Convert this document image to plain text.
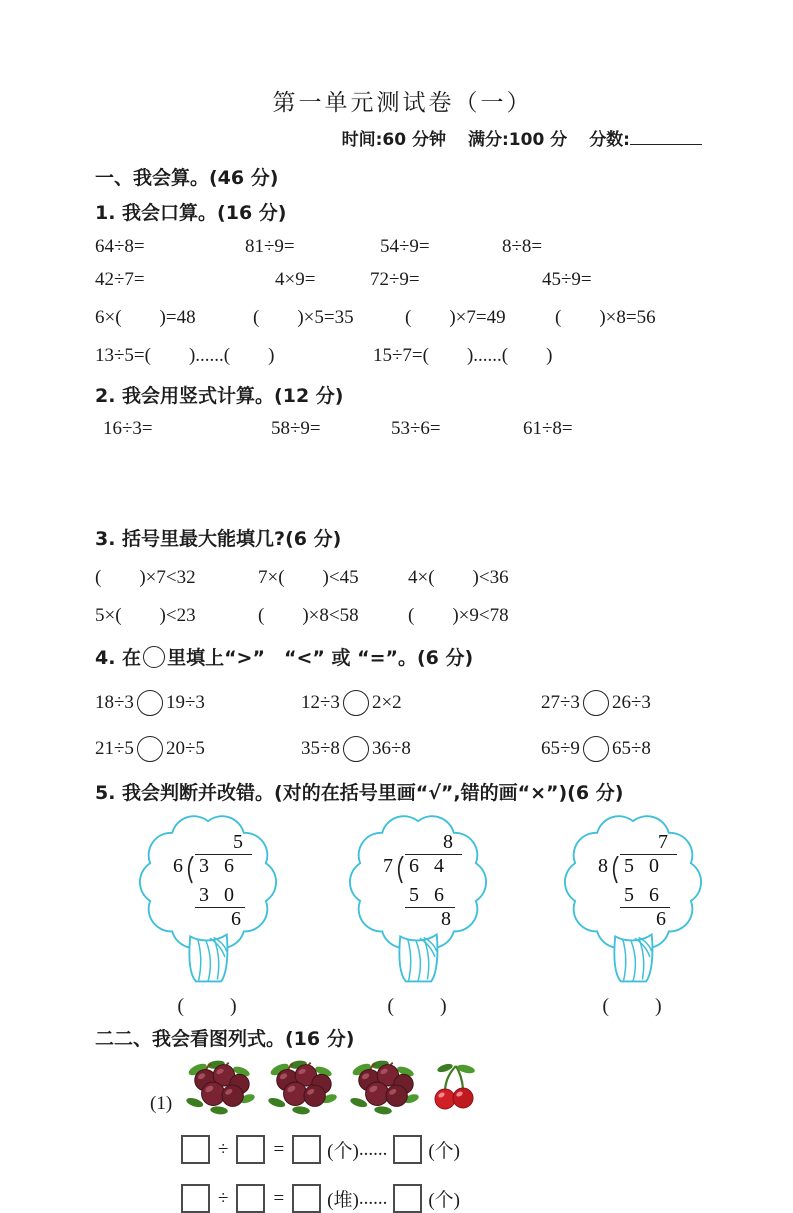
第一单元测试卷（一）
时间:60 分钟 满分:100 分 分数:
一、我会算。(46 分)
1. 我会口算。(16 分)
64÷8=	81÷9=	54÷9=	8÷8=
42÷7=	4×9=	72÷9=	45÷9=
6×(　　)=48	(　　)×5=35	(　　)×7=49	(　　)×8=56
13÷5=(　　)......(　　)	15÷7=(　　)......(　　)
2. 我会用竖式计算。(12 分)
16÷3=	58÷9=	53÷6=	61÷8=
3. 括号里最大能填几?(6 分)
(　　)×7<32	7×(　　)<45	4×(　　)<36
5×(　　)<23	(　　)×8<58	(　　)×9<78
4. 在 里填上“>”　“<” 或 “=”。(6 分)
18÷3 19÷3	12÷3 2×2	27÷3 26÷3
21÷5 20÷5	35÷8 36÷8	65÷9 65÷8
5. 我会判断并改错。(对的在括号里画“√”,错的画“×”)(6 分)
5
6 3 6
3 0
6
(　　)
8
7 6 4
5 6
8
(　　)
7
8 5 0
5 6
6
(　　)
二二、我会看图列式。(16 分)
(1)
÷ = (个) ...... (个)
÷ = (堆) ...... (个)
